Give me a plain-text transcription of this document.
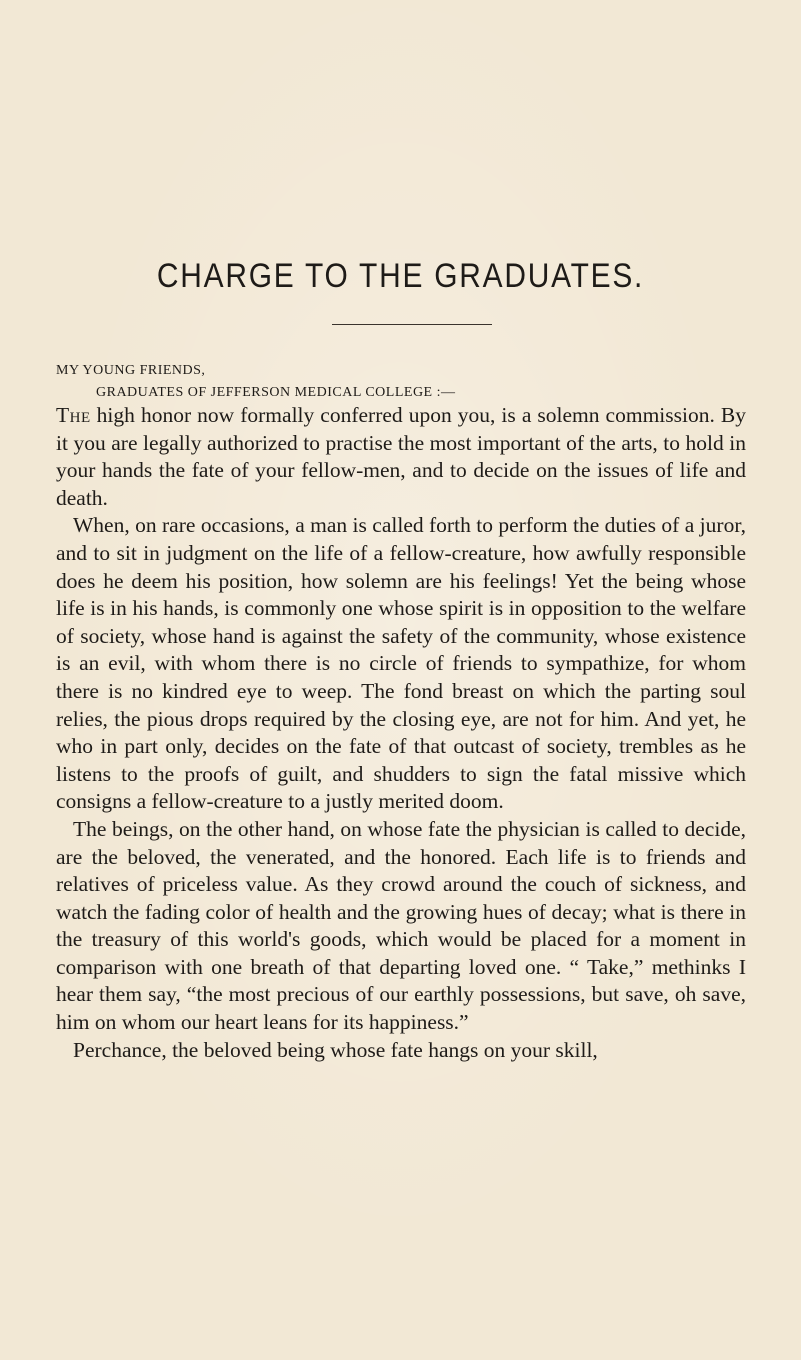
CHARGE TO THE GRADUATES.
MY YOUNG FRIENDS,
GRADUATES OF JEFFERSON MEDICAL COLLEGE :—

The high honor now formally conferred upon you, is a solemn commission. By it you are legally authorized to practise the most important of the arts, to hold in your hands the fate of your fellow-men, and to decide on the issues of life and death.

When, on rare occasions, a man is called forth to perform the duties of a juror, and to sit in judgment on the life of a fellow-creature, how awfully responsible does he deem his position, how solemn are his feelings! Yet the being whose life is in his hands, is commonly one whose spirit is in opposition to the welfare of society, whose hand is against the safety of the community, whose existence is an evil, with whom there is no circle of friends to sympathize, for whom there is no kindred eye to weep. The fond breast on which the parting soul relies, the pious drops required by the closing eye, are not for him. And yet, he who in part only, decides on the fate of that outcast of society, trembles as he listens to the proofs of guilt, and shudders to sign the fatal missive which consigns a fellow-creature to a justly merited doom.

The beings, on the other hand, on whose fate the physician is called to decide, are the beloved, the venerated, and the honored. Each life is to friends and relatives of priceless value. As they crowd around the couch of sickness, and watch the fading color of health and the growing hues of decay; what is there in the treasury of this world's goods, which would be placed for a moment in comparison with one breath of that departing loved one. “ Take,” methinks I hear them say, “the most precious of our earthly possessions, but save, oh save, him on whom our heart leans for its happiness.”

Perchance, the beloved being whose fate hangs on your skill,
